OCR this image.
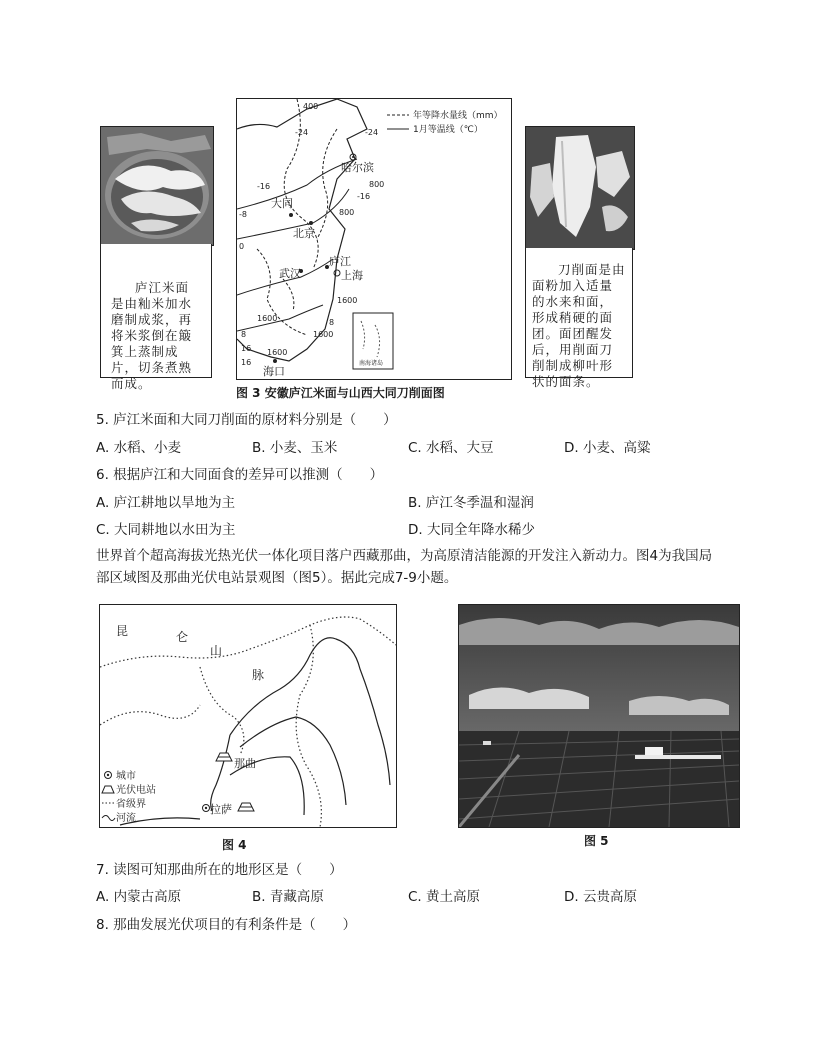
庐江米面是由籼米加水磨制成浆，再将米浆倒在簸箕上蒸制成片，切条煮熟而成。
年等降水量线（mm）
1月等温线（℃）
400
-24	-24
-16	800
-16
800
-8
0
1600
1600	8
8	1600
16
16
1600
哈尔滨
大同
北京
武汉
庐江
上海
海口
南海诸岛
刀削面是由面粉加入适量的水来和面，形成稍硬的面团。面团醒发后，用削面刀削制成柳叶形状的面条。
图 3 安徽庐江米面与山西大同刀削面图
5. 庐江米面和大同刀削面的原材料分别是（　　）
A. 水稻、小麦	B. 小麦、玉米	C. 水稻、大豆	D. 小麦、高粱
6. 根据庐江和大同面食的差异可以推测（　　）
A. 庐江耕地以旱地为主	B. 庐江冬季温和湿润
C. 大同耕地以水田为主	D. 大同全年降水稀少
世界首个超高海拔光热光伏一体化项目落户西藏那曲，为高原清洁能源的开发注入新动力。图4为我国局部区域图及那曲光伏电站景观图（图5）。据此完成7-9小题。
昆	仑
山
脉
那曲
拉萨
城市
光伏电站
省级界
河流
图 4	图 5
7. 读图可知那曲所在的地形区是（　　）
A. 内蒙古高原	B. 青藏高原	C. 黄土高原	D. 云贵高原
8. 那曲发展光伏项目的有利条件是（　　）
